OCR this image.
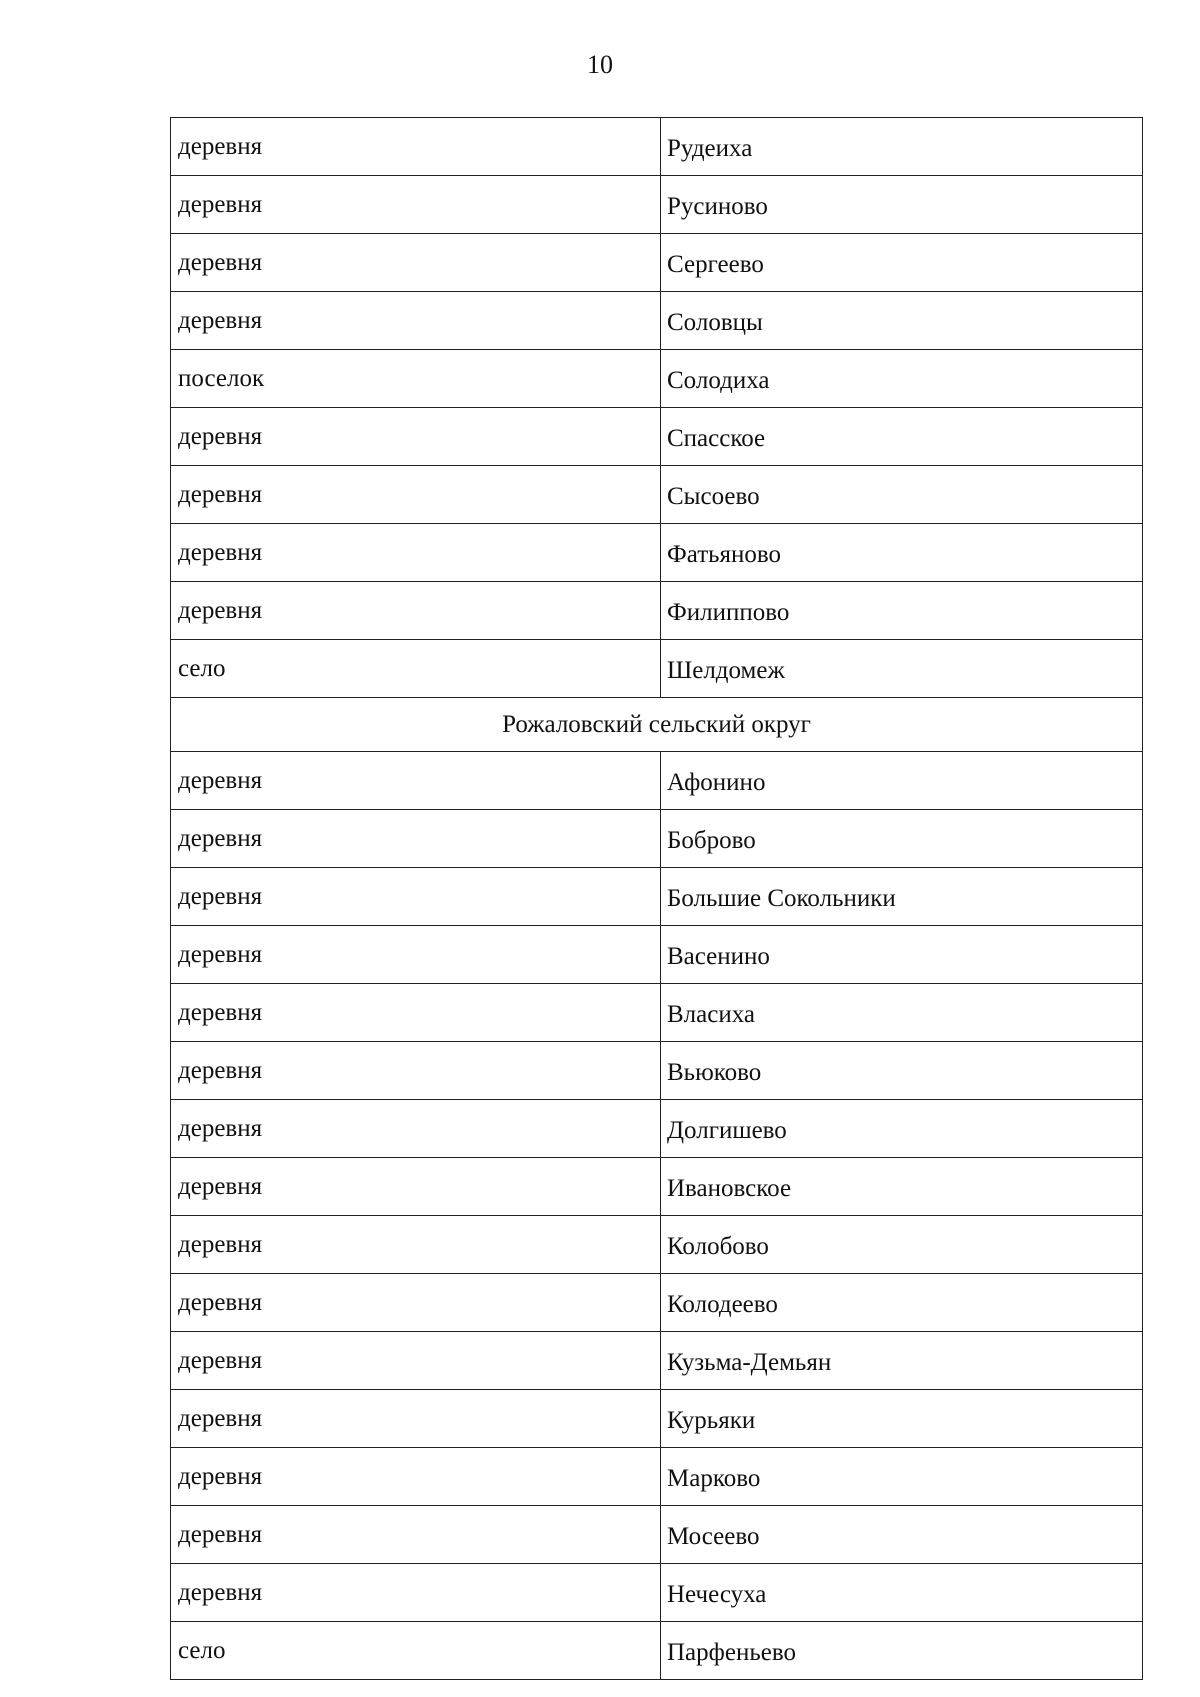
10
деревня	Рудеиха
деревня	Русиново
деревня	Сергеево
деревня	Соловцы
поселок	Солодиха
деревня	Спасское
деревня	Сысоево
деревня	Фатьяново
деревня	Филиппово
село	Шелдомеж
Рожаловский сельский округ	
деревня	Афонино
деревня	Боброво
деревня	Большие Сокольники
деревня	Васенино
деревня	Власиха
деревня	Вьюково
деревня	Долгишево
деревня	Ивановское
деревня	Колобово
деревня	Колодеево
деревня	Кузьма-Демьян
деревня	Курьяки
деревня	Марково
деревня	Мосеево
деревня	Нечесуха
село	Парфеньево
